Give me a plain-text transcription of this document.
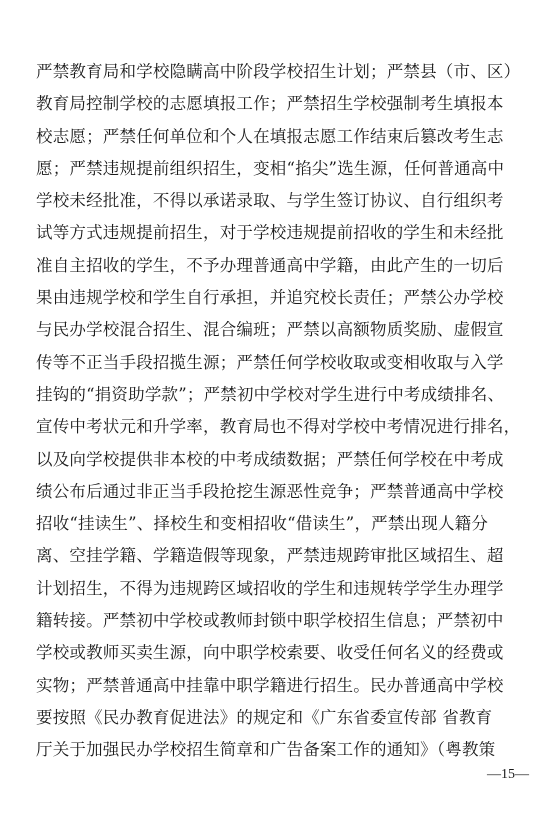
严禁教育局和学校隐瞒高中阶段学校招生计划；严禁县（市、区）
教育局控制学校的志愿填报工作；严禁招生学校强制考生填报本
校志愿；严禁任何单位和个人在填报志愿工作结束后篡改考生志
愿；严禁违规提前组织招生，变相“掐尖”选生源，任何普通高中
学校未经批准，不得以承诺录取、与学生签订协议、自行组织考
试等方式违规提前招生，对于学校违规提前招收的学生和未经批
准自主招收的学生，不予办理普通高中学籍，由此产生的一切后
果由违规学校和学生自行承担，并追究校长责任；严禁公办学校
与民办学校混合招生、混合编班；严禁以高额物质奖励、虚假宣
传等不正当手段招揽生源；严禁任何学校收取或变相收取与入学
挂钩的“捐资助学款”；严禁初中学校对学生进行中考成绩排名、
宣传中考状元和升学率，教育局也不得对学校中考情况进行排名，
以及向学校提供非本校的中考成绩数据；严禁任何学校在中考成
绩公布后通过非正当手段抢挖生源恶性竞争；严禁普通高中学校
招收“挂读生”、择校生和变相招收“借读生”，严禁出现人籍分
离、空挂学籍、学籍造假等现象，严禁违规跨审批区域招生、超
计划招生，不得为违规跨区域招收的学生和违规转学学生办理学
籍转接。严禁初中学校或教师封锁中职学校招生信息；严禁初中
学校或教师买卖生源，向中职学校索要、收受任何名义的经费或
实物；严禁普通高中挂靠中职学籍进行招生。民办普通高中学校
要按照《民办教育促进法》的规定和《广东省委宣传部 省教育
厅关于加强民办学校招生简章和广告备案工作的通知》（粤教策
—15—
